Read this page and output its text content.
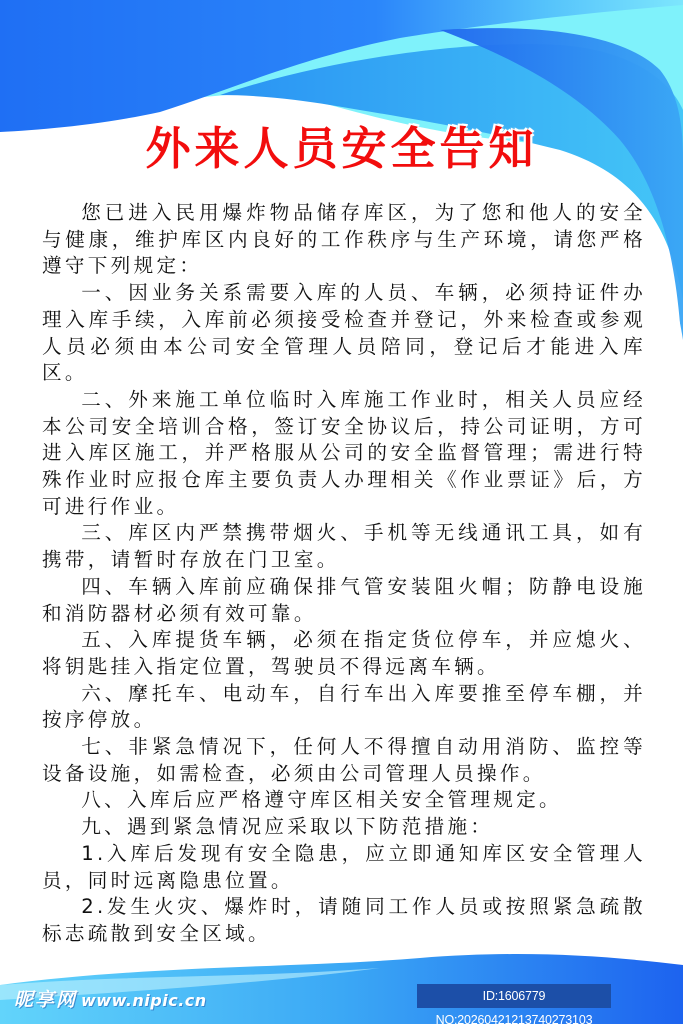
外来人员安全告知

您已进入民用爆炸物品储存库区，为了您和他人的安全与健康，维护库区内良好的工作秩序与生产环境，请您严格遵守下列规定：

一、因业务关系需要入库的人员、车辆，必须持证件办理入库手续，入库前必须接受检查并登记，外来检查或参观人员必须由本公司安全管理人员陪同，登记后才能进入库区。

二、外来施工单位临时入库施工作业时，相关人员应经本公司安全培训合格，签订安全协议后，持公司证明，方可进入库区施工，并严格服从公司的安全监督管理；需进行特殊作业时应报仓库主要负责人办理相关《作业票证》后，方可进行作业。

三、库区内严禁携带烟火、手机等无线通讯工具，如有携带，请暂时存放在门卫室。

四、车辆入库前应确保排气管安装阻火帽；防静电设施和消防器材必须有效可靠。

五、入库提货车辆，必须在指定货位停车，并应熄火、将钥匙挂入指定位置，驾驶员不得远离车辆。

六、摩托车、电动车，自行车出入库要推至停车棚，并按序停放。

七、非紧急情况下，任何人不得擅自动用消防、监控等设备设施，如需检查，必须由公司管理人员操作。

八、入库后应严格遵守库区相关安全管理规定。

九、遇到紧急情况应采取以下防范措施：

1.入库后发现有安全隐患，应立即通知库区安全管理人员，同时远离隐患位置。

2.发生火灾、爆炸时，请随同工作人员或按照紧急疏散标志疏散到安全区域。

昵享网 www.nipic.cn	ID:1606779 NO:20260421213740273103
